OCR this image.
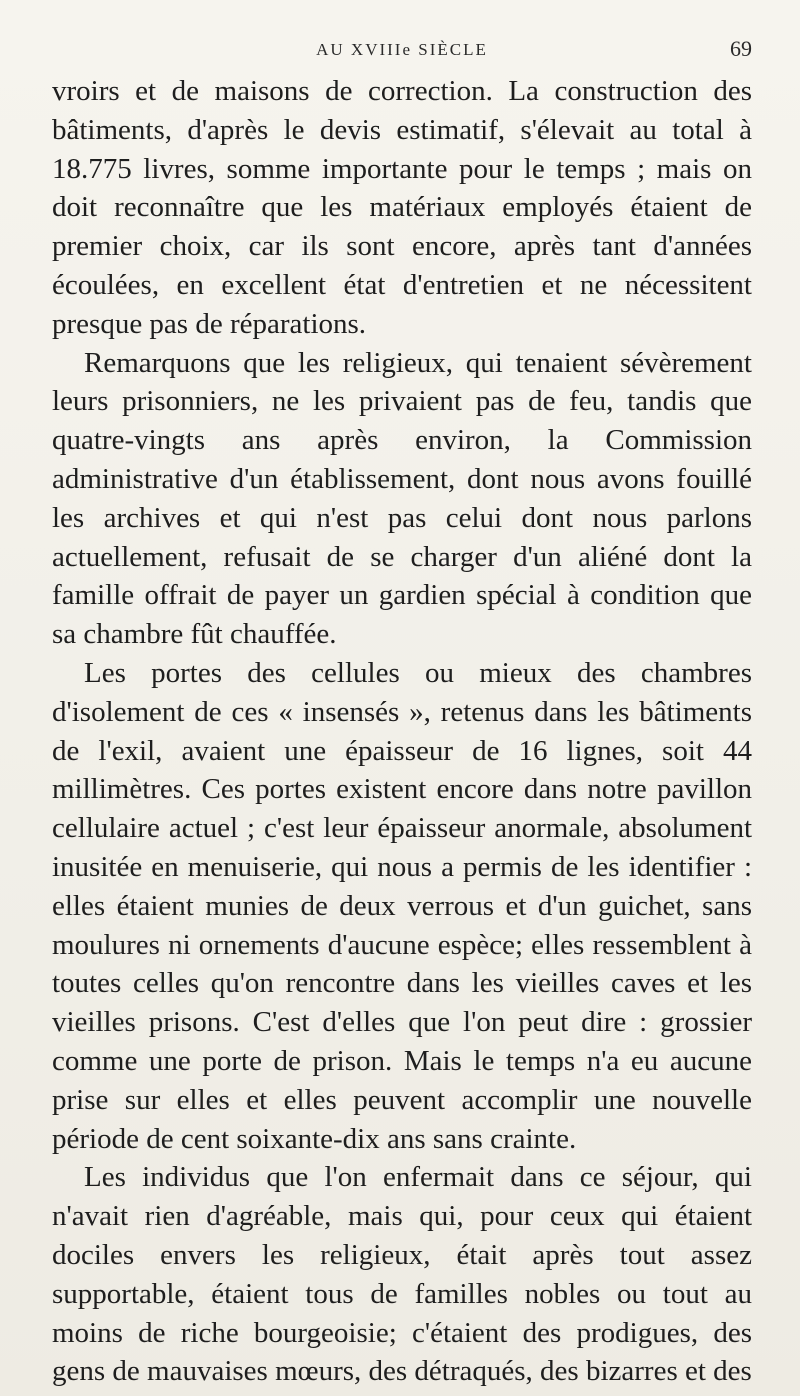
AU XVIIIe SIÈCLE	69

vroirs et de maisons de correction. La construction des bâtiments, d'après le devis estimatif, s'élevait au total à 18.775 livres, somme importante pour le temps ; mais on doit reconnaître que les matériaux employés étaient de premier choix, car ils sont encore, après tant d'années écoulées, en excellent état d'entretien et ne nécessitent presque pas de réparations.

Remarquons que les religieux, qui tenaient sévèrement leurs prisonniers, ne les privaient pas de feu, tandis que quatre-vingts ans après environ, la Commission administrative d'un établissement, dont nous avons fouillé les archives et qui n'est pas celui dont nous parlons actuellement, refusait de se charger d'un aliéné dont la famille offrait de payer un gardien spécial à condition que sa chambre fût chauffée.

Les portes des cellules ou mieux des chambres d'isolement de ces « insensés », retenus dans les bâtiments de l'exil, avaient une épaisseur de 16 lignes, soit 44 millimètres. Ces portes existent encore dans notre pavillon cellulaire actuel ; c'est leur épaisseur anormale, absolument inusitée en menuiserie, qui nous a permis de les identifier : elles étaient munies de deux verrous et d'un guichet, sans moulures ni ornements d'aucune espèce; elles ressemblent à toutes celles qu'on rencontre dans les vieilles caves et les vieilles prisons. C'est d'elles que l'on peut dire : grossier comme une porte de prison. Mais le temps n'a eu aucune prise sur elles et elles peuvent accomplir une nouvelle période de cent soixante-dix ans sans crainte.

Les individus que l'on enfermait dans ce séjour, qui n'avait rien d'agréable, mais qui, pour ceux qui étaient dociles envers les religieux, était après tout assez supportable, étaient tous de familles nobles ou tout au moins de riche bourgeoisie; c'étaient des prodigues, des gens de mauvaises mœurs, des détraqués, des bizarres et des
